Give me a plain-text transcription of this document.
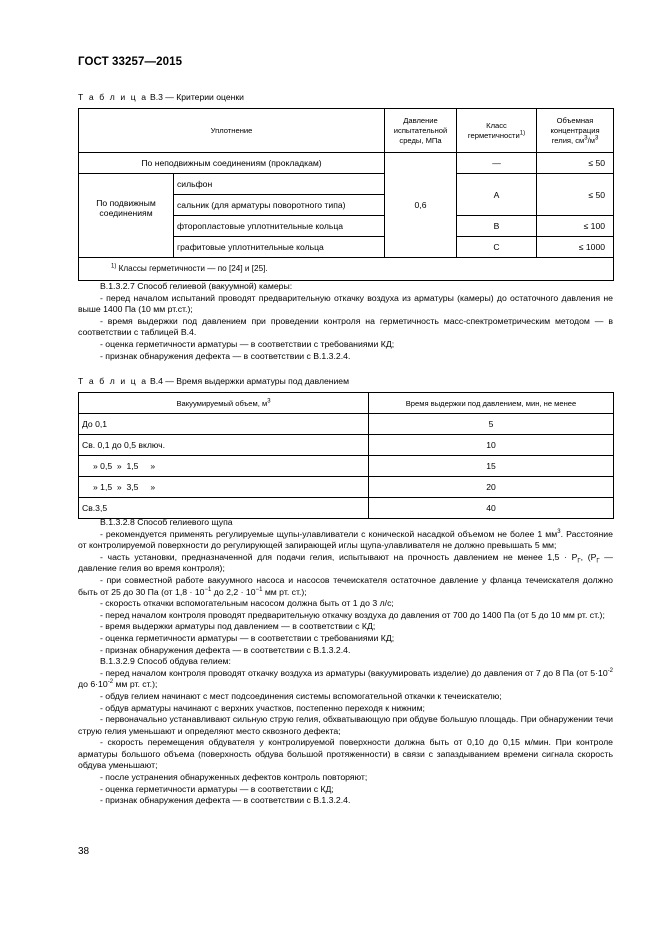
ГОСТ 33257—2015
Т а б л и ц а В.3 — Критерии оценки
Уплотнение		Давление испытательной среды, МПа	Класс герметичности$^{1)}$	Объемная концентрация гелия, $см^3/м^3$
По неподвижным соединениям (прокладкам)		0,6	—	≤ 50
По подвижным соединениям	сильфон		А	≤ 50
	сальник (для арматуры поворотного типа)			
	фторопластовые уплотнительные кольца		В	≤ 100
	графитовые уплотнительные кольца		С	≤ 1000
$^{1)}$ Классы герметичности — по [24] и [25].				

В.1.3.2.7 Способ гелиевой (вакуумной) камеры:

- перед началом испытаний проводят предварительную откачку воздуха из арматуры (камеры) до остаточного давления не выше 1400 Па (10 мм рт.ст.);

- время выдержки под давлением при проведении контроля на герметичность масс-спектрометрическим методом — в соответствии с таблицей В.4.

- оценка герметичности арматуры — в соответствии с требованиями КД;

- признак обнаружения дефекта — в соответствии с В.1.3.2.4.

Т а б л и ц а В.4 — Время выдержки арматуры под давлением
Вакуумируемый объем, $м^3$	Время выдержки под давлением, мин, не менее
До 0,1	5
Св. 0,1 до 0,5 включ.	10
» 0,5  »  1,5     »	15
» 1,5  »  3,5     »	20
Св.3,5	40

В.1.3.2.8 Способ гелиевого щупа

- рекомендуется применять регулируемые щупы-улавливатели с конической насадкой объемом не более 1 $мм^3$. Расстояние от контролируемой поверхности до регулирующей запирающей иглы щупа-улавливателя не должно превышать 5 мм;

- часть установки, предназначенной для подачи гелия, испытывают на прочность давлением не менее $1,5 \cdot P_Г$, ($P_Г$ — давление гелия во время контроля);

- при совместной работе вакуумного насоса и насосов течеискателя остаточное давление у фланца течеискателя должно быть от 25 до 30 Па (от $1,8 \cdot 10^{-1}$ до $2,2 \cdot 10^{-1}$ мм рт. ст.);

- скорость откачки вспомогательным насосом должна быть от 1 до 3 л/с;

- перед началом контроля проводят предварительную откачку воздуха до давления от 700 до 1400 Па (от 5 до 10 мм рт. ст.);

- время выдержки арматуры под давлением — в соответствии с КД;

- оценка герметичности арматуры — в соответствии с требованиями КД;

- признак обнаружения дефекта — в соответствии с В.1.3.2.4.

В.1.3.2.9 Способ обдува гелием:

- перед началом контроля проводят откачку воздуха из арматуры (вакуумировать изделие) до давления от 7 до 8 Па (от $5\cdot 10^{-2}$ до $6\cdot 10^{-2}$ мм рт. ст.);

- обдув гелием начинают с мест подсоединения системы вспомогательной откачки к течеискателю;

- обдув арматуры начинают с верхних участков, постепенно переходя к нижним;

- первоначально устанавливают сильную струю гелия, обхватывающую при обдуве большую площадь. При обнаружении течи струю гелия уменьшают и определяют место сквозного дефекта;

- скорость перемещения обдувателя у контролируемой поверхности должна быть от 0,10 до 0,15 м/мин. При контроле арматуры большого объема (поверхность обдува большой протяженности) в связи с запаздыванием времени сигнала скорость обдува уменьшают;

- после устранения обнаруженных дефектов контроль повторяют;

- оценка герметичности арматуры — в соответствии с КД;

- признак обнаружения дефекта — в соответствии с В.1.3.2.4.

38
